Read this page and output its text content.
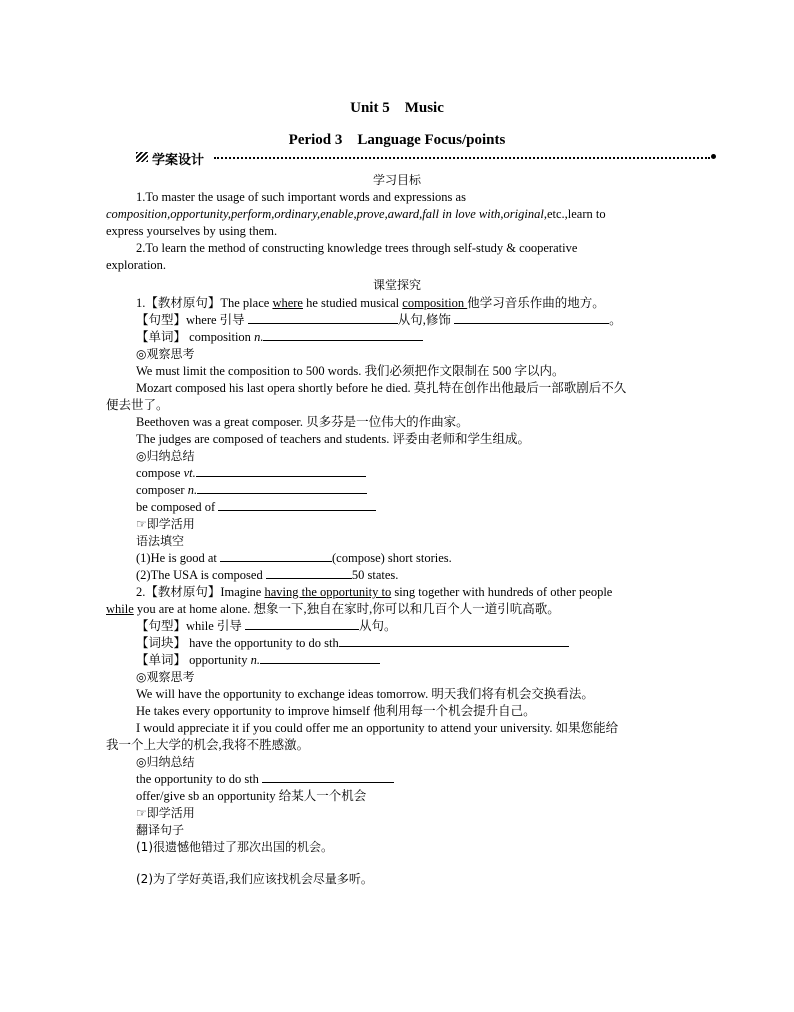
Unit 5　Music
Period 3　Language Focus/points
学案设计
学习目标
1.To master the usage of such important words and expressions as
composition,opportunity,perform,ordinary,enable,prove,award,fall in love with,original,etc.,learn to
express yourselves by using them.
2.To learn the method of constructing knowledge trees through self-study & cooperative
exploration.
课堂探究
1.【教材原句】The place where he studied musical composition 他学习音乐作曲的地方。
【句型】where 引导	从句,修饰	。
【单词】 composition n.
◎观察思考
We must limit the composition to 500 words. 我们必须把作文限制在 500 字以内。
Mozart composed his last opera shortly before he died. 莫扎特在创作出他最后一部歌剧后不久
便去世了。
Beethoven was a great composer. 贝多芬是一位伟大的作曲家。
The judges are composed of teachers and students. 评委由老师和学生组成。
◎归纳总结
compose vt.
composer n.
be composed of
☞即学活用
语法填空
(1)He is good at	(compose) short stories.
(2)The USA is composed	50 states.
2.【教材原句】Imagine having the opportunity to sing together with hundreds of other people
while you are at home alone. 想象一下,独自在家时,你可以和几百个人一道引吭高歌。
【句型】while 引导	从句。
【词块】 have the opportunity to do sth
【单词】 opportunity n.
◎观察思考
We will have the opportunity to exchange ideas tomorrow. 明天我们将有机会交换看法。
He takes every opportunity to improve himself 他利用每一个机会提升自己。
I would appreciate it if you could offer me an opportunity to attend your university. 如果您能给
我一个上大学的机会,我将不胜感激。
◎归纳总结
the opportunity to do sth
offer/give sb an opportunity 给某人一个机会
☞即学活用
翻译句子
(1)很遗憾他错过了那次出国的机会。
(2)为了学好英语,我们应该找机会尽量多听。
